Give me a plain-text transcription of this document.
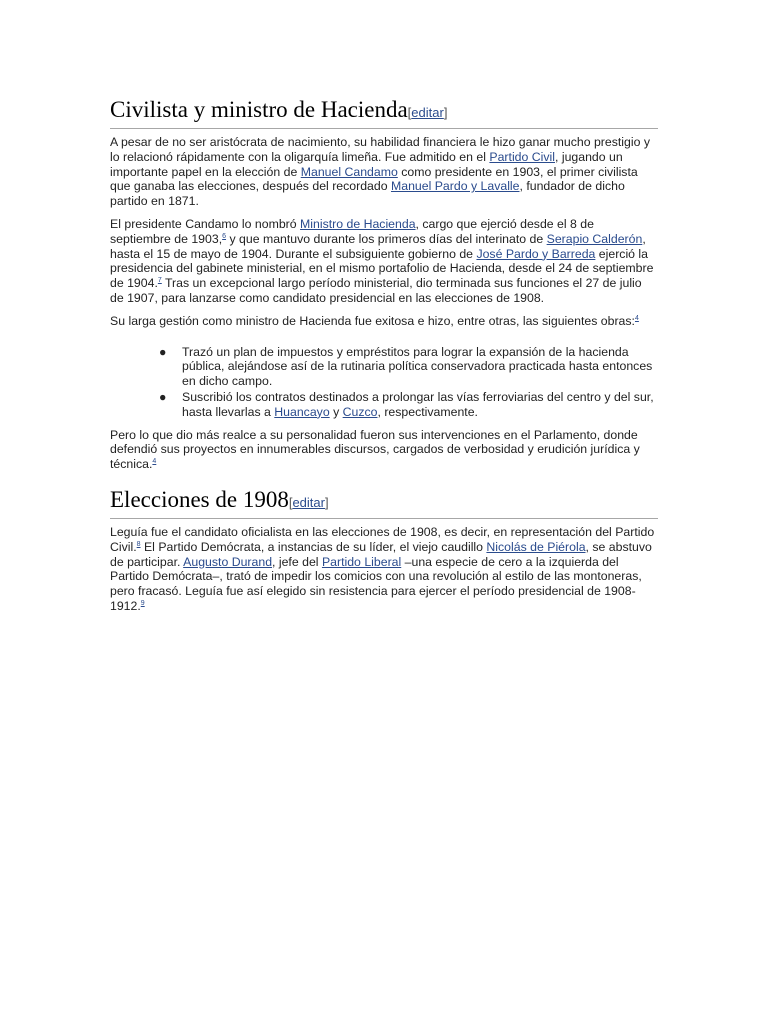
Civilista y ministro de Hacienda[editar]

A pesar de no ser aristócrata de nacimiento, su habilidad financiera le hizo ganar mucho prestigio y lo relacionó rápidamente con la oligarquía limeña. Fue admitido en el Partido Civil, jugando un importante papel en la elección de Manuel Candamo como presidente en 1903, el primer civilista que ganaba las elecciones, después del recordado Manuel Pardo y Lavalle, fundador de dicho partido en 1871.

El presidente Candamo lo nombró Ministro de Hacienda, cargo que ejerció desde el 8 de septiembre de 1903,$^6$ y que mantuvo durante los primeros días del interinato de Serapio Calderón, hasta el 15 de mayo de 1904. Durante el subsiguiente gobierno de José Pardo y Barreda ejerció la presidencia del gabinete ministerial, en el mismo portafolio de Hacienda, desde el 24 de septiembre de 1904.$^7$ Tras un excepcional largo período ministerial, dio terminada sus funciones el 27 de julio de 1907, para lanzarse como candidato presidencial en las elecciones de 1908.

Su larga gestión como ministro de Hacienda fue exitosa e hizo, entre otras, las siguientes obras:$^4$

● Trazó un plan de impuestos y empréstitos para lograr la expansión de la hacienda pública, alejándose así de la rutinaria política conservadora practicada hasta entonces en dicho campo.
● Suscribió los contratos destinados a prolongar las vías ferroviarias del centro y del sur, hasta llevarlas a Huancayo y Cuzco, respectivamente.

Pero lo que dio más realce a su personalidad fueron sus intervenciones en el Parlamento, donde defendió sus proyectos en innumerables discursos, cargados de verbosidad y erudición jurídica y técnica.$^4$

Elecciones de 1908[editar]

Leguía fue el candidato oficialista en las elecciones de 1908, es decir, en representación del Partido Civil.$^8$ El Partido Demócrata, a instancias de su líder, el viejo caudillo Nicolás de Piérola, se abstuvo de participar. Augusto Durand, jefe del Partido Liberal –una especie de cero a la izquierda del Partido Demócrata–, trató de impedir los comicios con una revolución al estilo de las montoneras, pero fracasó. Leguía fue así elegido sin resistencia para ejercer el período presidencial de 1908-1912.$^9$
